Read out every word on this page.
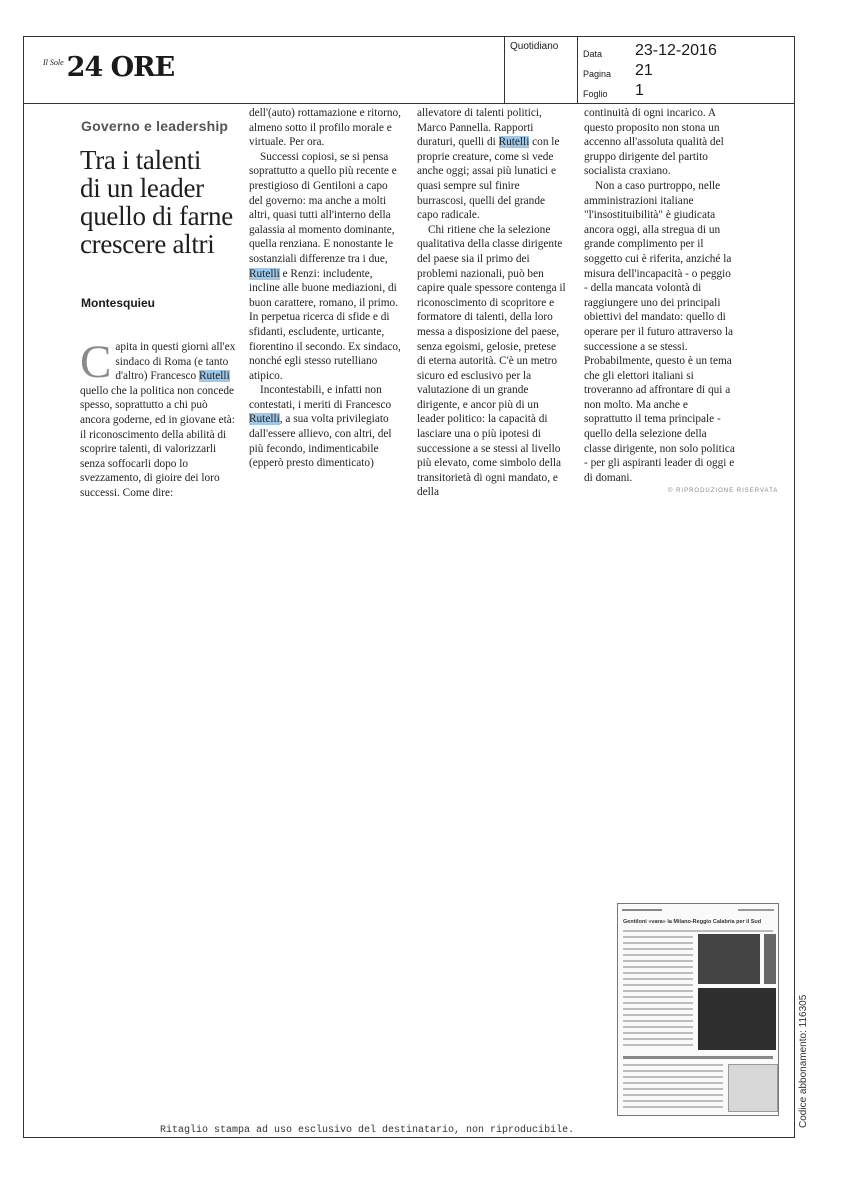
Il Sole 24 ORE
Quotidiano
Data	23-12-2016
Pagina	21
Foglio	1
Governo e leadership
Tra i talenti
di un leader
quello di farne
crescere altri
Montesquieu

Capita in questi giorni all'ex sindaco di Roma (e tanto d'altro) Francesco Rutelli quello che la politica non concede spesso, soprattutto a chi può ancora goderne, ed in giovane età: il riconoscimento della abilità di scoprire talenti, di valorizzarli senza soffocarli dopo lo svezzamento, di gioire dei loro successi. Come dire:

dell'(auto) rottamazione e ritorno, almeno sotto il profilo morale e virtuale. Per ora.

Successi copiosi, se si pensa soprattutto a quello più recente e prestigioso di Gentiloni a capo del governo: ma anche a molti altri, quasi tutti all'interno della galassia al momento dominante, quella renziana. E nonostante le sostanziali differenze tra i due, Rutelli e Renzi: includente, incline alle buone mediazioni, di buon carattere, romano, il primo. In perpetua ricerca di sfide e di sfidanti, escludente, urticante, fiorentino il secondo. Ex sindaco, nonché egli stesso rutelliano atipico.

Incontestabili, e infatti non contestati, i meriti di Francesco Rutelli, a sua volta privilegiato dall'essere allievo, con altri, del più fecondo, indimenticabile (epperò presto dimenticato)

allevatore di talenti politici, Marco Pannella. Rapporti duraturi, quelli di Rutelli con le proprie creature, come si vede anche oggi; assai più lunatici e quasi sempre sul finire burrascosi, quelli del grande capo radicale.

Chi ritiene che la selezione qualitativa della classe dirigente del paese sia il primo dei problemi nazionali, può ben capire quale spessore contenga il riconoscimento di scopritore e formatore di talenti, della loro messa a disposizione del paese, senza egoismi, gelosie, pretese di eterna autorità. C'è un metro sicuro ed esclusivo per la valutazione di un grande dirigente, e ancor più di un leader politico: la capacità di lasciare una o più ipotesi di successione a se stessi al livello più elevato, come simbolo della transitorietà di ogni mandato, e della

continuità di ogni incarico. A questo proposito non stona un accenno all'assoluta qualità del gruppo dirigente del partito socialista craxiano.

Non a caso purtroppo, nelle amministrazioni italiane "l'insostituibilità" è giudicata ancora oggi, alla stregua di un grande complimento per il soggetto cui è riferita, anziché la misura dell'incapacità - o peggio - della mancata volontà di raggiungere uno dei principali obiettivi del mandato: quello di operare per il futuro attraverso la successione a se stessi.

Probabilmente, questo è un tema che gli elettori italiani si troveranno ad affrontare di qui a non molto. Ma anche e soprattutto il tema principale - quello della selezione della classe dirigente, non solo politica - per gli aspiranti leader di oggi e di domani.

© RIPRODUZIONE RISERVATA
Gentiloni «vara» la Milano-Reggio Calabria per il Sud
Codice abbonamento: 116305
Ritaglio stampa ad uso esclusivo del destinatario, non riproducibile.
